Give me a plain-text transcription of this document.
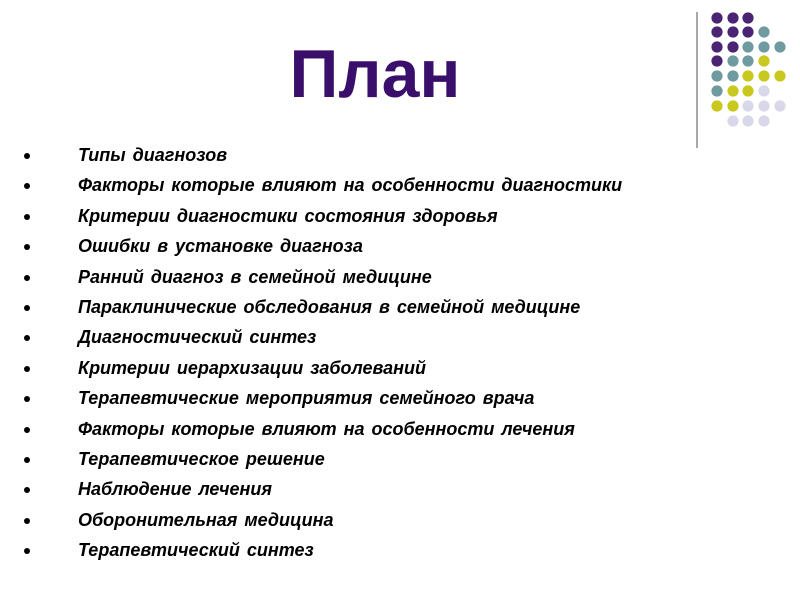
План
Типы диагнозов
Факторы которые влияют на особенности диагностики
Критерии диагностики состояния здоровья
Ошибки в установке диагноза
Ранний диагноз в семейной медицине
Параклинические обследования в семейной медицине
Диагностический синтез
Критерии иерархизации заболеваний
Терапевтические мероприятия семейного врача
Факторы которые влияют на особенности лечения
Терапевтическое решение
Наблюдение лечения
Оборонительная медицина
Терапевтический синтез
